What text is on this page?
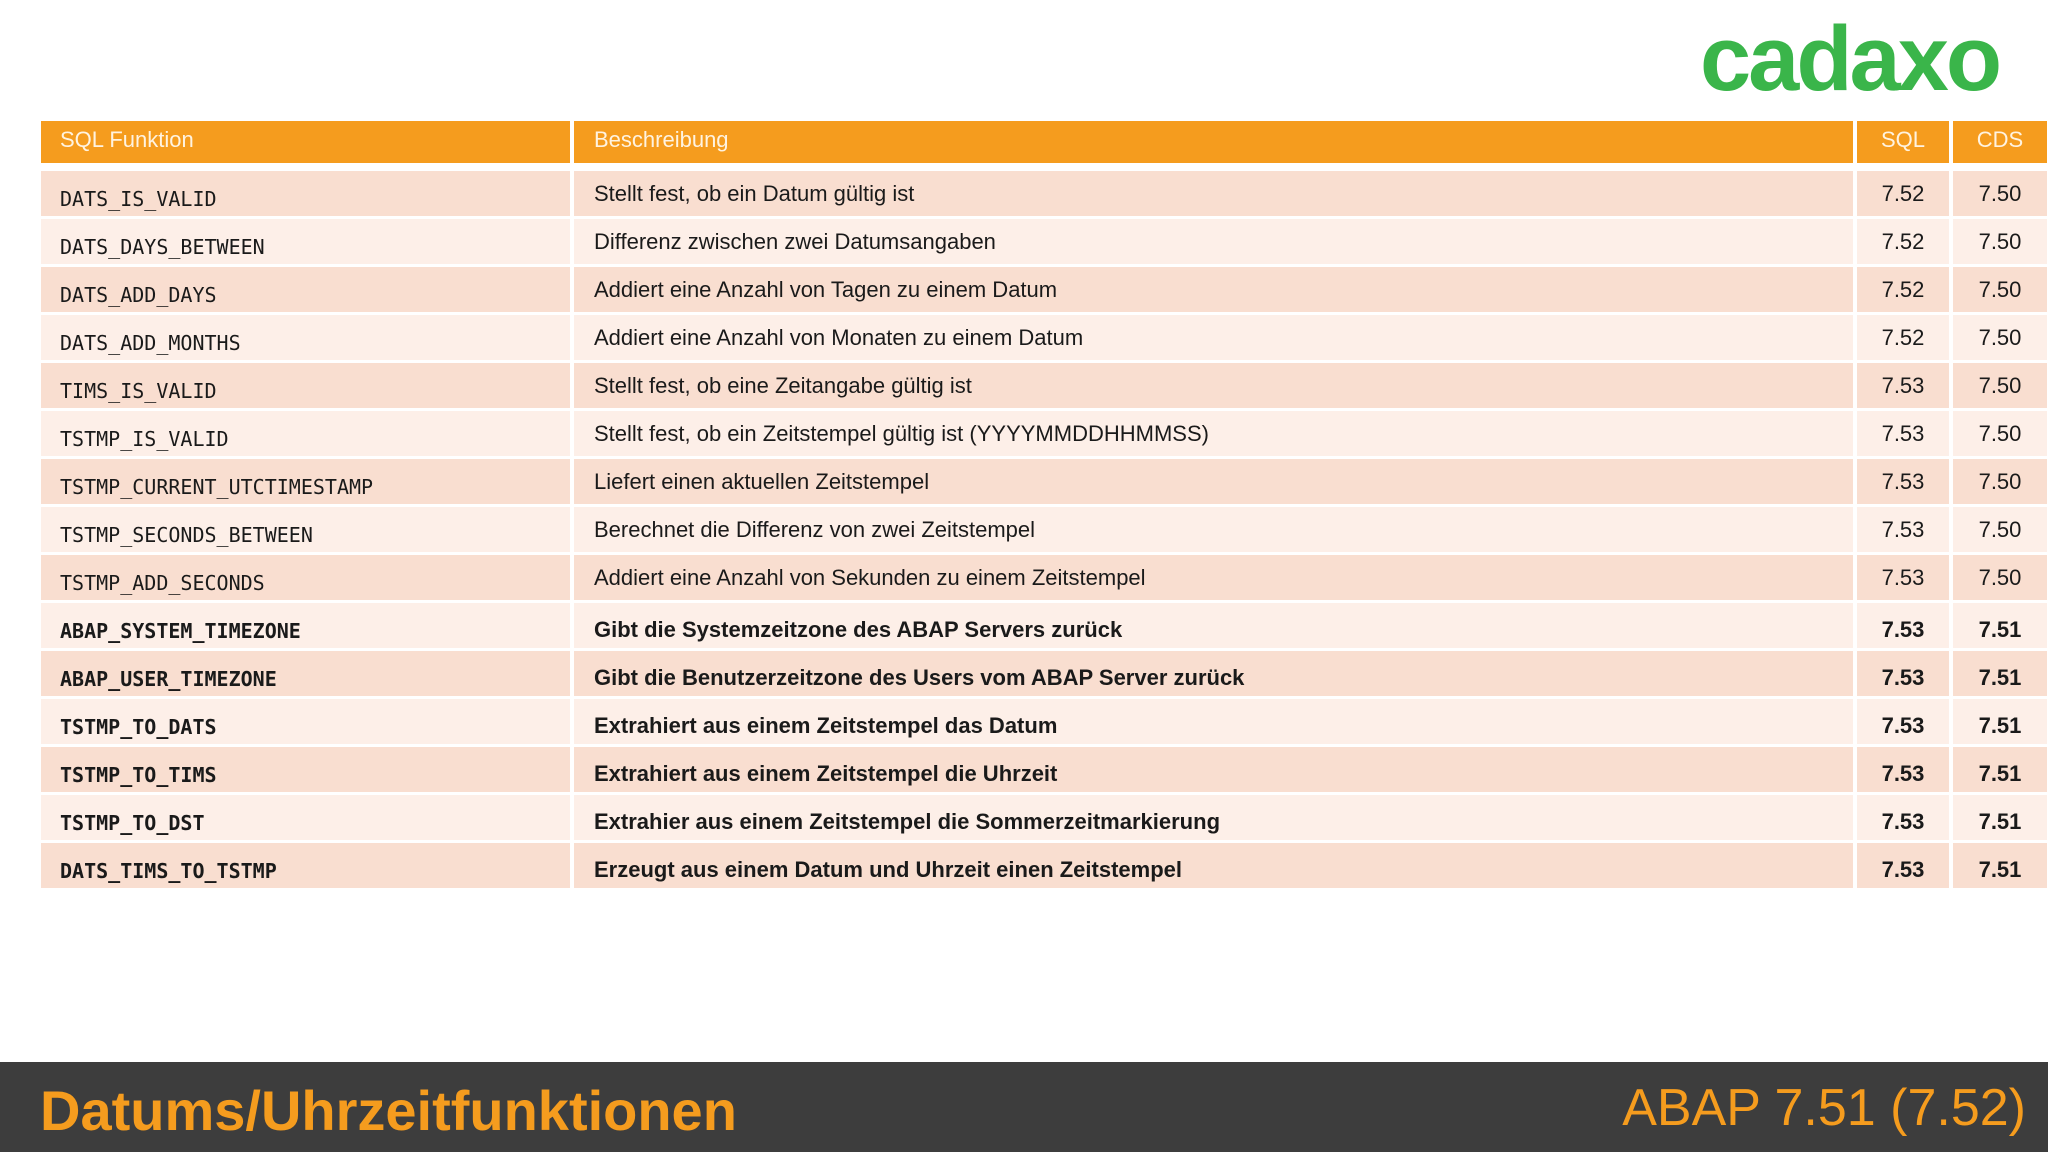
cadaxo
SQL Funktion	Beschreibung	SQL	CDS
DATS_IS_VALID	Stellt fest, ob ein Datum gültig ist	7.52	7.50
DATS_DAYS_BETWEEN	Differenz zwischen zwei Datumsangaben	7.52	7.50
DATS_ADD_DAYS	Addiert eine Anzahl von Tagen zu einem Datum	7.52	7.50
DATS_ADD_MONTHS	Addiert eine Anzahl von Monaten zu einem Datum	7.52	7.50
TIMS_IS_VALID	Stellt fest, ob eine Zeitangabe gültig ist	7.53	7.50
TSTMP_IS_VALID	Stellt fest, ob ein Zeitstempel gültig ist (YYYYMMDDHHMMSS)	7.53	7.50
TSTMP_CURRENT_UTCTIMESTAMP	Liefert einen aktuellen Zeitstempel	7.53	7.50
TSTMP_SECONDS_BETWEEN	Berechnet die Differenz von zwei Zeitstempel	7.53	7.50
TSTMP_ADD_SECONDS	Addiert eine Anzahl von Sekunden zu einem Zeitstempel	7.53	7.50
ABAP_SYSTEM_TIMEZONE	Gibt die Systemzeitzone des ABAP Servers zurück	7.53	7.51
ABAP_USER_TIMEZONE	Gibt die Benutzerzeitzone des Users vom ABAP Server zurück	7.53	7.51
TSTMP_TO_DATS	Extrahiert aus einem Zeitstempel das Datum	7.53	7.51
TSTMP_TO_TIMS	Extrahiert aus einem Zeitstempel die Uhrzeit	7.53	7.51
TSTMP_TO_DST	Extrahier aus einem Zeitstempel die Sommerzeitmarkierung	7.53	7.51
DATS_TIMS_TO_TSTMP	Erzeugt aus einem Datum und Uhrzeit einen Zeitstempel	7.53	7.51
Datums/Uhrzeitfunktionen	ABAP 7.51 (7.52)
